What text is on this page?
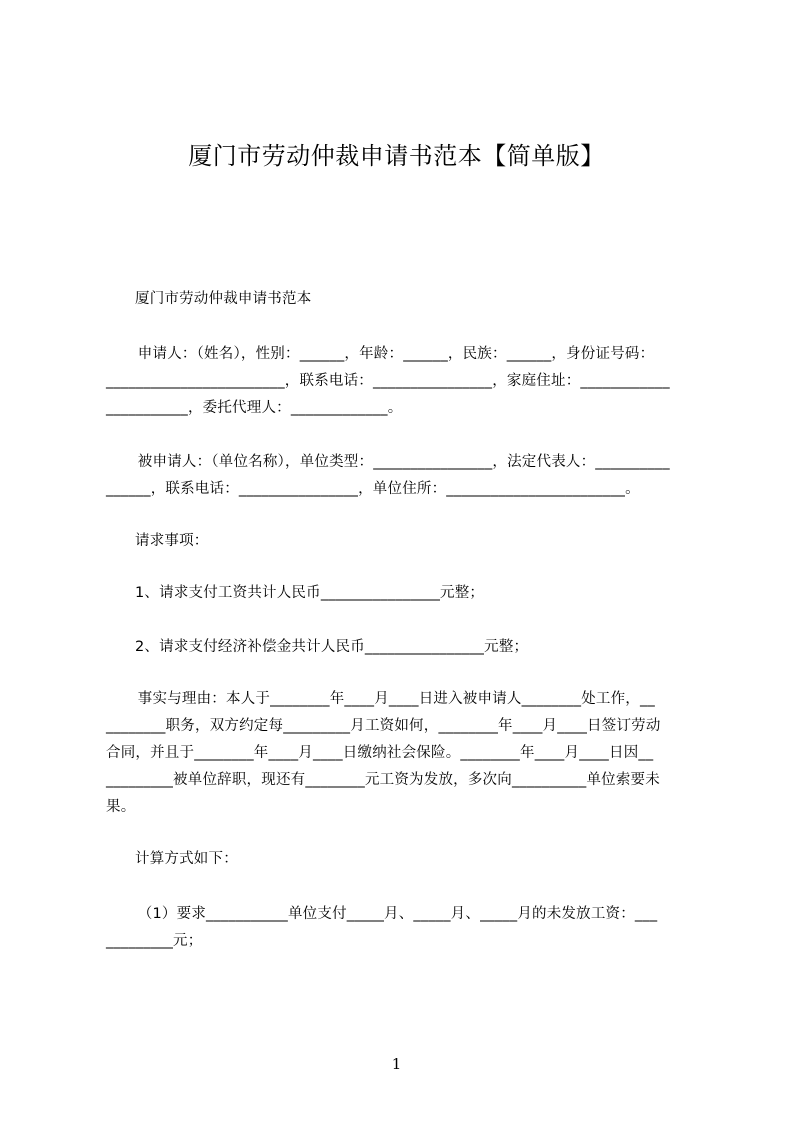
厦门市劳动仲裁申请书范本【简单版】
厦门市劳动仲裁申请书范本
申请人：（姓名），性别：______，年龄：______，民族：______，身份证号码：
________________________，联系电话：________________，家庭住址：____________
___________，委托代理人：_____________。
被申请人：（单位名称），单位类型：________________，法定代表人：__________
______，联系电话：________________，单位住所：________________________。
请求事项：
1、请求支付工资共计人民币________________元整；
2、请求支付经济补偿金共计人民币________________元整；
事实与理由：本人于________年____月____日进入被申请人________处工作，__
________职务，双方约定每_________月工资如何，________年____月____日签订劳动
合同，并且于________年____月____日缴纳社会保险。________年____月____日因__
_________被单位辞职，现还有________元工资为发放，多次向__________单位索要未
果。
计算方式如下：
（1）要求___________单位支付_____月、_____月、_____月的未发放工资：___
_________元；
1
